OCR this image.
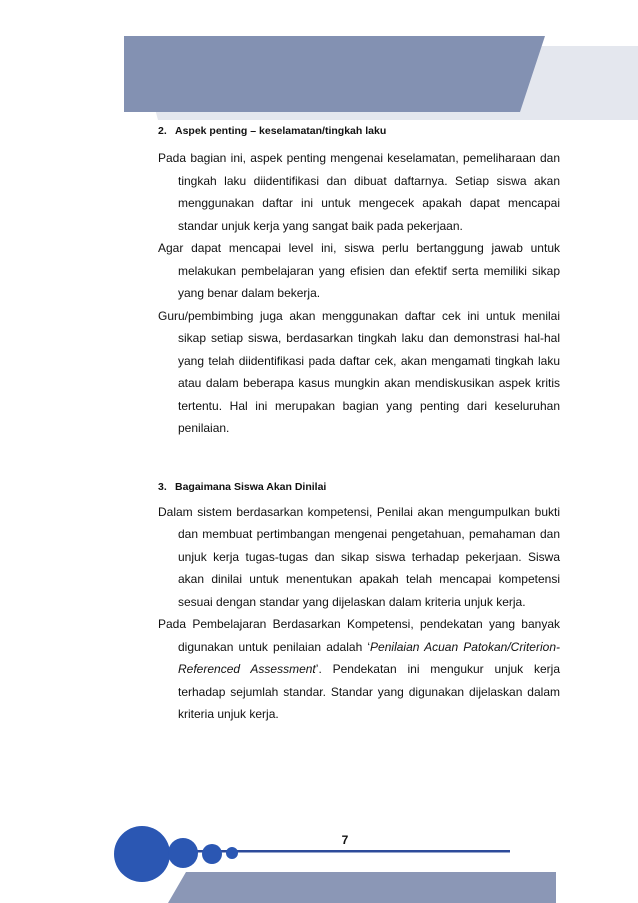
2. Aspek penting – keselamatan/tingkah laku

Pada bagian ini, aspek penting mengenai keselamatan, pemeliharaan dan tingkah laku diidentifikasi dan dibuat daftarnya. Setiap siswa akan menggunakan daftar ini untuk mengecek apakah dapat mencapai standar unjuk kerja yang sangat baik pada pekerjaan.

Agar dapat mencapai level ini, siswa perlu bertanggung jawab untuk melakukan pembelajaran yang efisien dan efektif serta memiliki sikap yang benar dalam bekerja.

Guru/pembimbing juga akan menggunakan daftar cek ini untuk menilai sikap setiap siswa, berdasarkan tingkah laku dan demonstrasi hal-hal yang telah diidentifikasi pada daftar cek, akan mengamati tingkah laku atau dalam beberapa kasus mungkin akan mendiskusikan aspek kritis tertentu. Hal ini merupakan bagian yang penting dari keseluruhan penilaian.

3. Bagaimana Siswa Akan Dinilai

Dalam sistem berdasarkan kompetensi, Penilai akan mengumpulkan bukti dan membuat pertimbangan mengenai pengetahuan, pemahaman dan unjuk kerja tugas-tugas dan sikap siswa terhadap pekerjaan. Siswa akan dinilai untuk menentukan apakah telah mencapai kompetensi sesuai dengan standar yang dijelaskan dalam kriteria unjuk kerja.

Pada Pembelajaran Berdasarkan Kompetensi, pendekatan yang banyak digunakan untuk penilaian adalah ‘Penilaian Acuan Patokan/Criterion-Referenced Assessment’. Pendekatan ini mengukur unjuk kerja terhadap sejumlah standar. Standar yang digunakan dijelaskan dalam kriteria unjuk kerja.

7
